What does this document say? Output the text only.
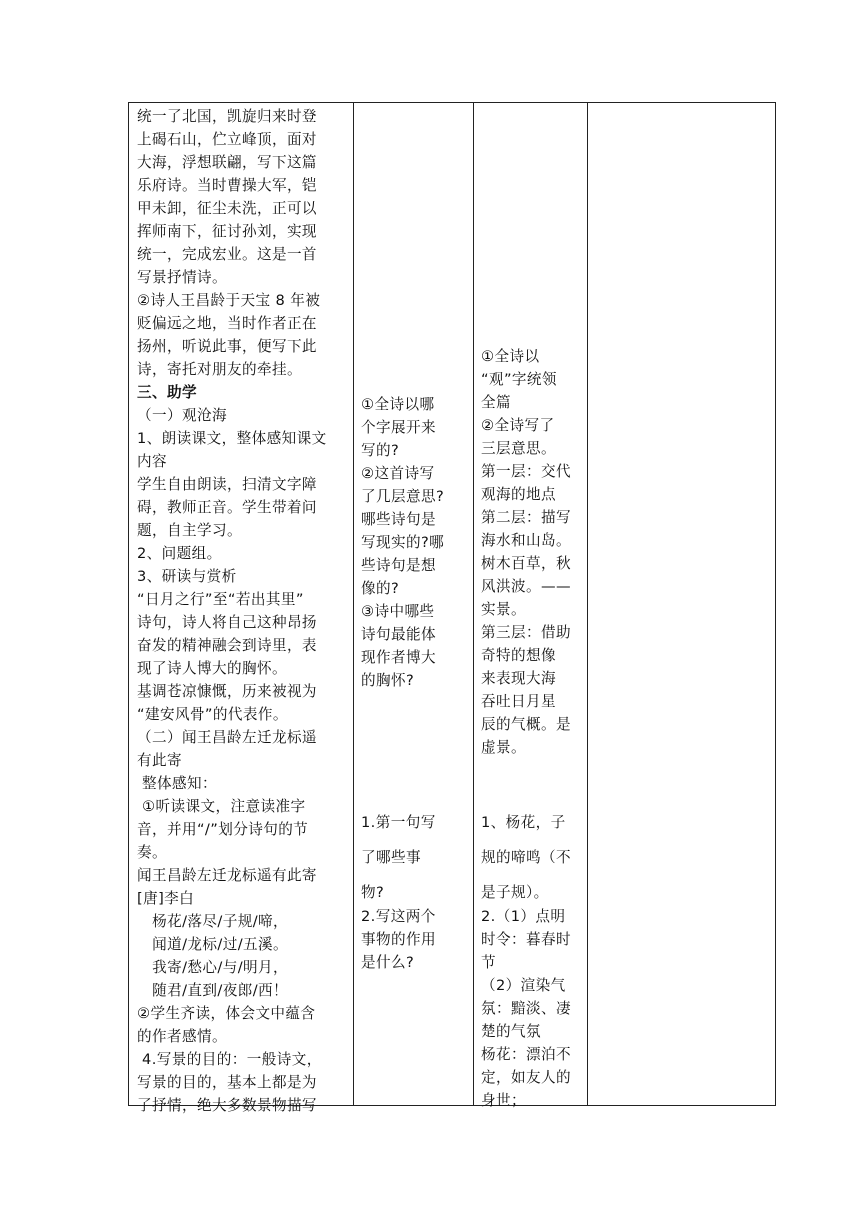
统一了北国，凯旋归来时登
上碣石山，伫立峰顶，面对
大海，浮想联翩，写下这篇
乐府诗。当时曹操大军，铠
甲未卸，征尘未洗，正可以
挥师南下，征讨孙刘，实现
统一，完成宏业。这是一首
写景抒情诗。
②诗人王昌龄于天宝 8 年被
贬偏远之地，当时作者正在
扬州，听说此事，便写下此
诗，寄托对朋友的牵挂。
三、助学
（一）观沧海
1、朗读课文，整体感知课文
内容
学生自由朗读，扫清文字障
碍，教师正音。学生带着问
题，自主学习。
2、问题组。
3、研读与赏析
“日月之行”至“若出其里”
诗句，诗人将自己这种昂扬
奋发的精神融会到诗里，表
现了诗人博大的胸怀。
基调苍凉慷慨，历来被视为
“建安风骨”的代表作。
（二）闻王昌龄左迁龙标遥
有此寄
整体感知：
①听读课文，注意读准字
音，并用“/”划分诗句的节
奏。
闻王昌龄左迁龙标遥有此寄
[唐]李白
杨花/落尽/子规/啼，
闻道/龙标/过/五溪。
我寄/愁心/与/明月，
随君/直到/夜郎/西！
②学生齐读，体会文中蕴含
的作者感情。
4.写景的目的：一般诗文，
写景的目的，基本上都是为
了抒情，绝大多数景物描写
①全诗以哪
个字展开来
写的?
②这首诗写
了几层意思?
哪些诗句是
写现实的?哪
些诗句是想
像的?
③诗中哪些
诗句最能体
现作者博大
的胸怀?
1.第一句写
了哪些事
物?
2.写这两个
事物的作用
是什么?
①全诗以
“观”字统领
全篇
②全诗写了
三层意思。
第一层：交代
观海的地点
第二层：描写
海水和山岛。
树木百草，秋
风洪波。——
实景。
第三层：借助
奇特的想像
来表现大海
吞吐日月星
辰的气概。是
虚景。
1、杨花，子
规的啼鸣（不
是子规）。
2.（1）点明
时令：暮春时
节
（2）渲染气
氛：黯淡、凄
楚的气氛
杨花：漂泊不
定，如友人的
身世；
